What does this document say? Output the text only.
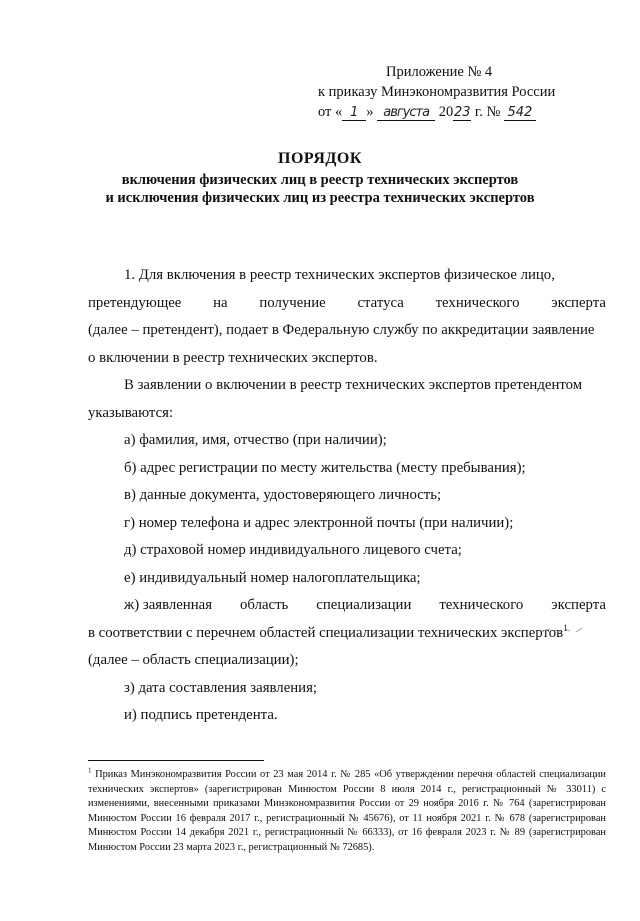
Приложение № 4
к приказу Минэкономразвития России
от « 1 » августа 2023 г. № 542
ПОРЯДОК
включения физических лиц в реестр технических экспертов
и исключения физических лиц из реестра технических экспертов

1. Для включения в реестр технических экспертов физическое лицо,

претендующее на получение статуса технического эксперта

(далее – претендент), подает в Федеральную службу по аккредитации заявление

о включении в реестр технических экспертов.

В заявлении о включении в реестр технических экспертов претендентом

указываются:

а) фамилия, имя, отчество (при наличии);

б) адрес регистрации по месту жительства (месту пребывания);

в) данные документа, удостоверяющего личность;

г) номер телефона и адрес электронной почты (при наличии);

д) страховой номер индивидуального лицевого счета;

е) индивидуальный номер налогоплательщика;

ж) заявленная область специализации технического эксперта

в соответствии с перечнем областей специализации технических экспертов$^1$

(далее – область специализации);

з) дата составления заявления;

и) подпись претендента.

$^1$ Приказ Минэкономразвития России от 23 мая 2014 г. № 285 «Об утверждении перечня областей специализации технических экспертов» (зарегистрирован Минюстом России 8 июля 2014 г., регистрационный № 33011) с изменениями, внесенными приказами Минэкономразвития России от 29 ноября 2016 г. № 764 (зарегистрирован Минюстом России 16 февраля 2017 г., регистрационный № 45676), от 11 ноября 2021 г. № 678 (зарегистрирован Минюстом России 14 декабря 2021 г., регистрационный № 66333), от 16 февраля 2023 г. № 89 (зарегистрирован Минюстом России 23 марта 2023 г., регистрационный № 72685).
